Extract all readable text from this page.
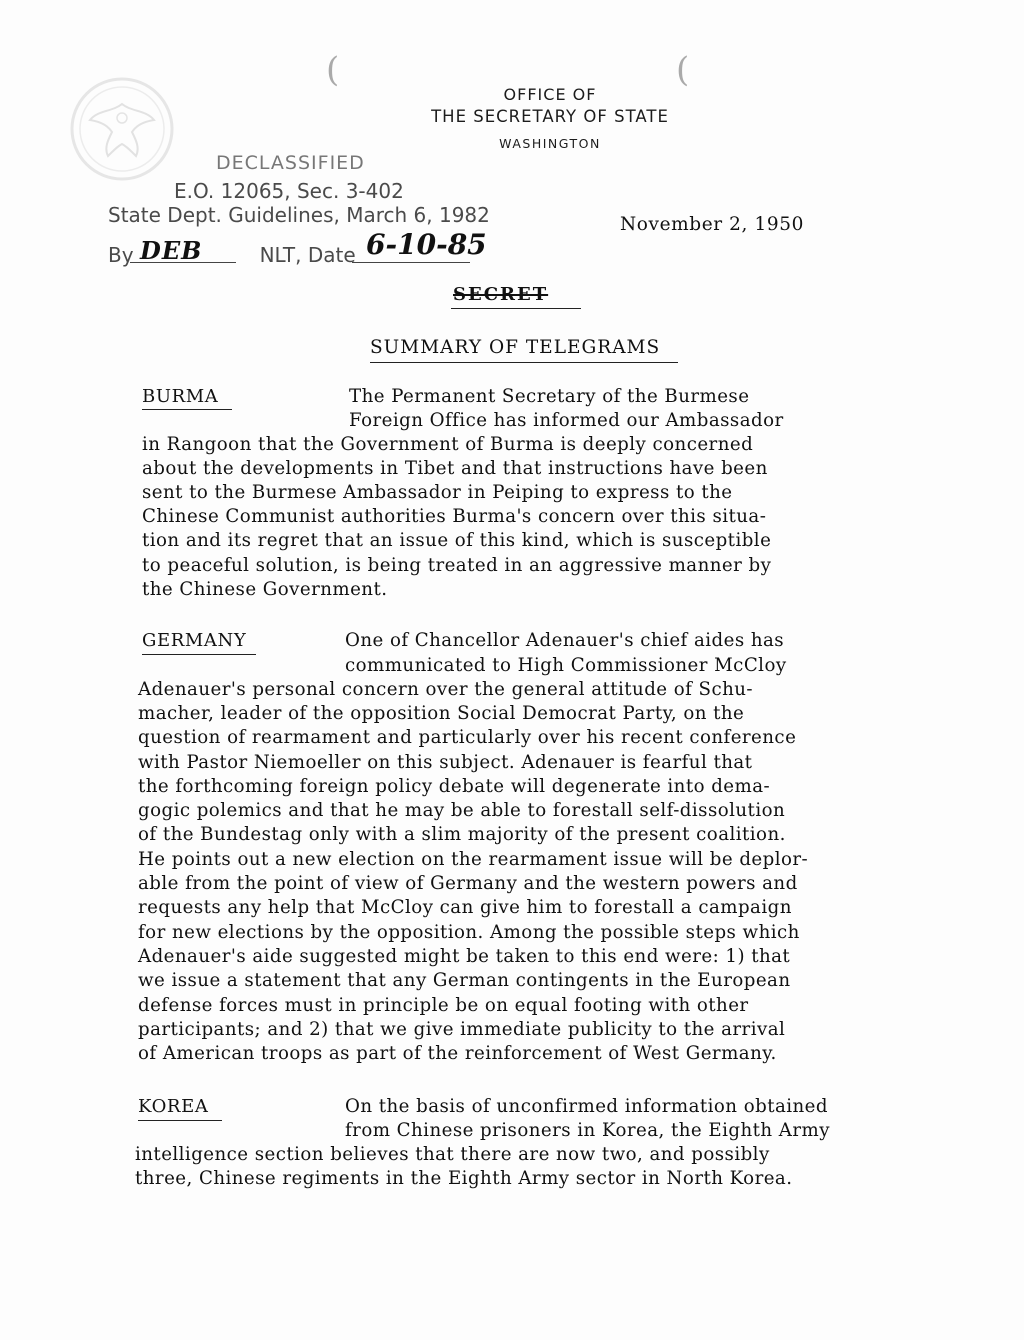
(	(
OFFICE OF
THE SECRETARY OF STATE
WASHINGTON
DECLASSIFIED
E.O. 12065, Sec. 3-402
State Dept. Guidelines, March 6, 1982
By	NLT, Date
DEB	6-10-85
November 2, 1950
SECRET
SUMMARY OF TELEGRAMS
BURMA	The Permanent Secretary of the Burmese
Foreign Office has informed our Ambassador
in Rangoon that the Government of Burma is deeply concerned
about the developments in Tibet and that instructions have been
sent to the Burmese Ambassador in Peiping to express to the
Chinese Communist authorities Burma's concern over this situa-
tion and its regret that an issue of this kind, which is susceptible
to peaceful solution, is being treated in an aggressive manner by
the Chinese Government.
GERMANY	One of Chancellor Adenauer's chief aides has
communicated to High Commissioner McCloy
Adenauer's personal concern over the general attitude of Schu-
macher, leader of the opposition Social Democrat Party, on the
question of rearmament and particularly over his recent conference
with Pastor Niemoeller on this subject. Adenauer is fearful that
the forthcoming foreign policy debate will degenerate into dema-
gogic polemics and that he may be able to forestall self-dissolution
of the Bundestag only with a slim majority of the present coalition.
He points out a new election on the rearmament issue will be deplor-
able from the point of view of Germany and the western powers and
requests any help that McCloy can give him to forestall a campaign
for new elections by the opposition. Among the possible steps which
Adenauer's aide suggested might be taken to this end were: 1) that
we issue a statement that any German contingents in the European
defense forces must in principle be on equal footing with other
participants; and 2) that we give immediate publicity to the arrival
of American troops as part of the reinforcement of West Germany.
KOREA	On the basis of unconfirmed information obtained
from Chinese prisoners in Korea, the Eighth Army
intelligence section believes that there are now two, and possibly
three, Chinese regiments in the Eighth Army sector in North Korea.
